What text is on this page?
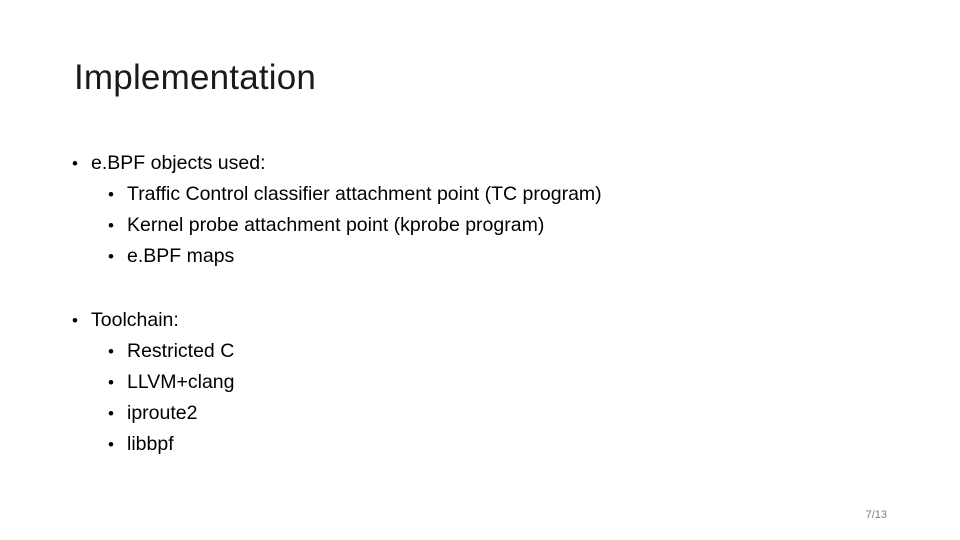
Implementation
• e.BPF objects used:
• Traffic Control classifier attachment point (TC program)
• Kernel probe attachment point (kprobe program)
• e.BPF maps
• Toolchain:
• Restricted C
• LLVM+clang
• iproute2
• libbpf
7/13
